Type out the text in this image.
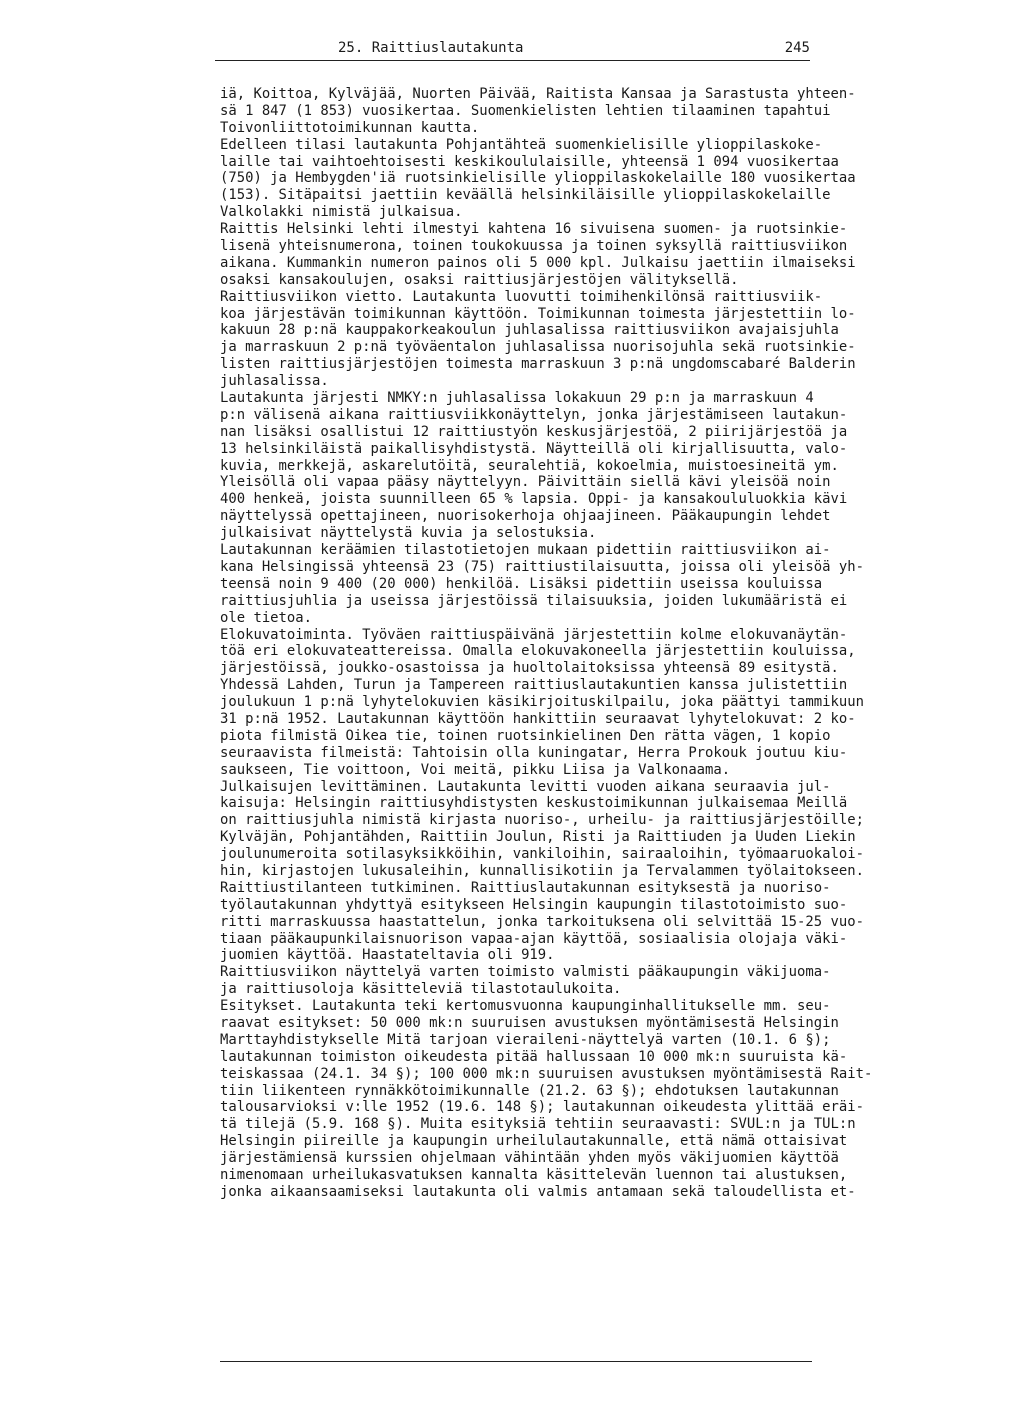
25. Raittiuslautakunta	245
iä, Koittoa, Kylväjää, Nuorten Päivää, Raitista Kansaa ja Sarastusta yhteen-
sä 1 847 (1 853) vuosikertaa. Suomenkielisten lehtien tilaaminen tapahtui
Toivonliittotoimikunnan kautta.
Edelleen tilasi lautakunta Pohjantähteä suomenkielisille ylioppilaskoke-
laille tai vaihtoehtoisesti keskikoululaisille, yhteensä 1 094 vuosikertaa
(750) ja Hembygden'iä ruotsinkielisille ylioppilaskokelaille 180 vuosikertaa
(153). Sitäpaitsi jaettiin keväällä helsinkiläisille ylioppilaskokelaille
Valkolakki nimistä julkaisua.
Raittis Helsinki lehti ilmestyi kahtena 16 sivuisena suomen- ja ruotsinkie-
lisenä yhteisnumerona, toinen toukokuussa ja toinen syksyllä raittiusviikon
aikana. Kummankin numeron painos oli 5 000 kpl. Julkaisu jaettiin ilmaiseksi
osaksi kansakoulujen, osaksi raittiusjärjestöjen välityksellä.
Raittiusviikon vietto. Lautakunta luovutti toimihenkilönsä raittiusviik-
koa järjestävän toimikunnan käyttöön. Toimikunnan toimesta järjestettiin lo-
kakuun 28 p:nä kauppakorkeakoulun juhlasalissa raittiusviikon avajaisjuhla
ja marraskuun 2 p:nä työväentalon juhlasalissa nuorisojuhla sekä ruotsinkie-
listen raittiusjärjestöjen toimesta marraskuun 3 p:nä ungdomscabaré Balderin
juhlasalissa.
Lautakunta järjesti NMKY:n juhlasalissa lokakuun 29 p:n ja marraskuun 4
p:n välisenä aikana raittiusviikkonäyttelyn, jonka järjestämiseen lautakun-
nan lisäksi osallistui 12 raittiustyön keskusjärjestöä, 2 piirijärjestöä ja
13 helsinkiläistä paikallisyhdistystä. Näytteillä oli kirjallisuutta, valo-
kuvia, merkkejä, askarelutöitä, seuralehtiä, kokoelmia, muistoesineitä ym.
Yleisöllä oli vapaa pääsy näyttelyyn. Päivittäin siellä kävi yleisöä noin
400 henkeä, joista suunnilleen 65 % lapsia. Oppi- ja kansakoululuokkia kävi
näyttelyssä opettajineen, nuorisokerhoja ohjaajineen. Pääkaupungin lehdet
julkaisivat näyttelystä kuvia ja selostuksia.
Lautakunnan keräämien tilastotietojen mukaan pidettiin raittiusviikon ai-
kana Helsingissä yhteensä 23 (75) raittiustilaisuutta, joissa oli yleisöä yh-
teensä noin 9 400 (20 000) henkilöä. Lisäksi pidettiin useissa kouluissa
raittiusjuhlia ja useissa järjestöissä tilaisuuksia, joiden lukumääristä ei
ole tietoa.
Elokuvatoiminta. Työväen raittiuspäivänä järjestettiin kolme elokuvanäytän-
töä eri elokuvateattereissa. Omalla elokuvakoneella järjestettiin kouluissa,
järjestöissä, joukko-osastoissa ja huoltolaitoksissa yhteensä 89 esitystä.
Yhdessä Lahden, Turun ja Tampereen raittiuslautakuntien kanssa julistettiin
joulukuun 1 p:nä lyhytelokuvien käsikirjoituskilpailu, joka päättyi tammikuun
31 p:nä 1952. Lautakunnan käyttöön hankittiin seuraavat lyhytelokuvat: 2 ko-
piota filmistä Oikea tie, toinen ruotsinkielinen Den rätta vägen, 1 kopio
seuraavista filmeistä: Tahtoisin olla kuningatar, Herra Prokouk joutuu kiu-
saukseen, Tie voittoon, Voi meitä, pikku Liisa ja Valkonaama.
Julkaisujen levittäminen. Lautakunta levitti vuoden aikana seuraavia jul-
kaisuja: Helsingin raittiusyhdistysten keskustoimikunnan julkaisemaa Meillä
on raittiusjuhla nimistä kirjasta nuoriso-, urheilu- ja raittiusjärjestöille;
Kylväjän, Pohjantähden, Raittiin Joulun, Risti ja Raittiuden ja Uuden Liekin
joulunumeroita sotilasyksikköihin, vankiloihin, sairaaloihin, työmaaruokaloi-
hin, kirjastojen lukusaleihin, kunnallisikotiin ja Tervalammen työlaitokseen.
Raittiustilanteen tutkiminen. Raittiuslautakunnan esityksestä ja nuoriso-
työlautakunnan yhdyttyä esitykseen Helsingin kaupungin tilastotoimisto suo-
ritti marraskuussa haastattelun, jonka tarkoituksena oli selvittää 15-25 vuo-
tiaan pääkaupunkilaisnuorison vapaa-ajan käyttöä, sosiaalisia olojaja väki-
juomien käyttöä. Haastateltavia oli 919.
Raittiusviikon näyttelyä varten toimisto valmisti pääkaupungin väkijuoma-
ja raittiusoloja käsitteleviä tilastotaulukoita.
Esitykset. Lautakunta teki kertomusvuonna kaupunginhallitukselle mm. seu-
raavat esitykset: 50 000 mk:n suuruisen avustuksen myöntämisestä Helsingin
Marttayhdistykselle Mitä tarjoan vieraileni-näyttelyä varten (10.1. 6 §);
lautakunnan toimiston oikeudesta pitää hallussaan 10 000 mk:n suuruista kä-
teiskassaa (24.1. 34 §); 100 000 mk:n suuruisen avustuksen myöntämisestä Rait-
tiin liikenteen rynnäkkötoimikunnalle (21.2. 63 §); ehdotuksen lautakunnan
talousarvioksi v:lle 1952 (19.6. 148 §); lautakunnan oikeudesta ylittää eräi-
tä tilejä (5.9. 168 §). Muita esityksiä tehtiin seuraavasti: SVUL:n ja TUL:n
Helsingin piireille ja kaupungin urheilulautakunnalle, että nämä ottaisivat
järjestämiensä kurssien ohjelmaan vähintään yhden myös väkijuomien käyttöä
nimenomaan urheilukasvatuksen kannalta käsittelevän luennon tai alustuksen,
jonka aikaansaamiseksi lautakunta oli valmis antamaan sekä taloudellista et-
